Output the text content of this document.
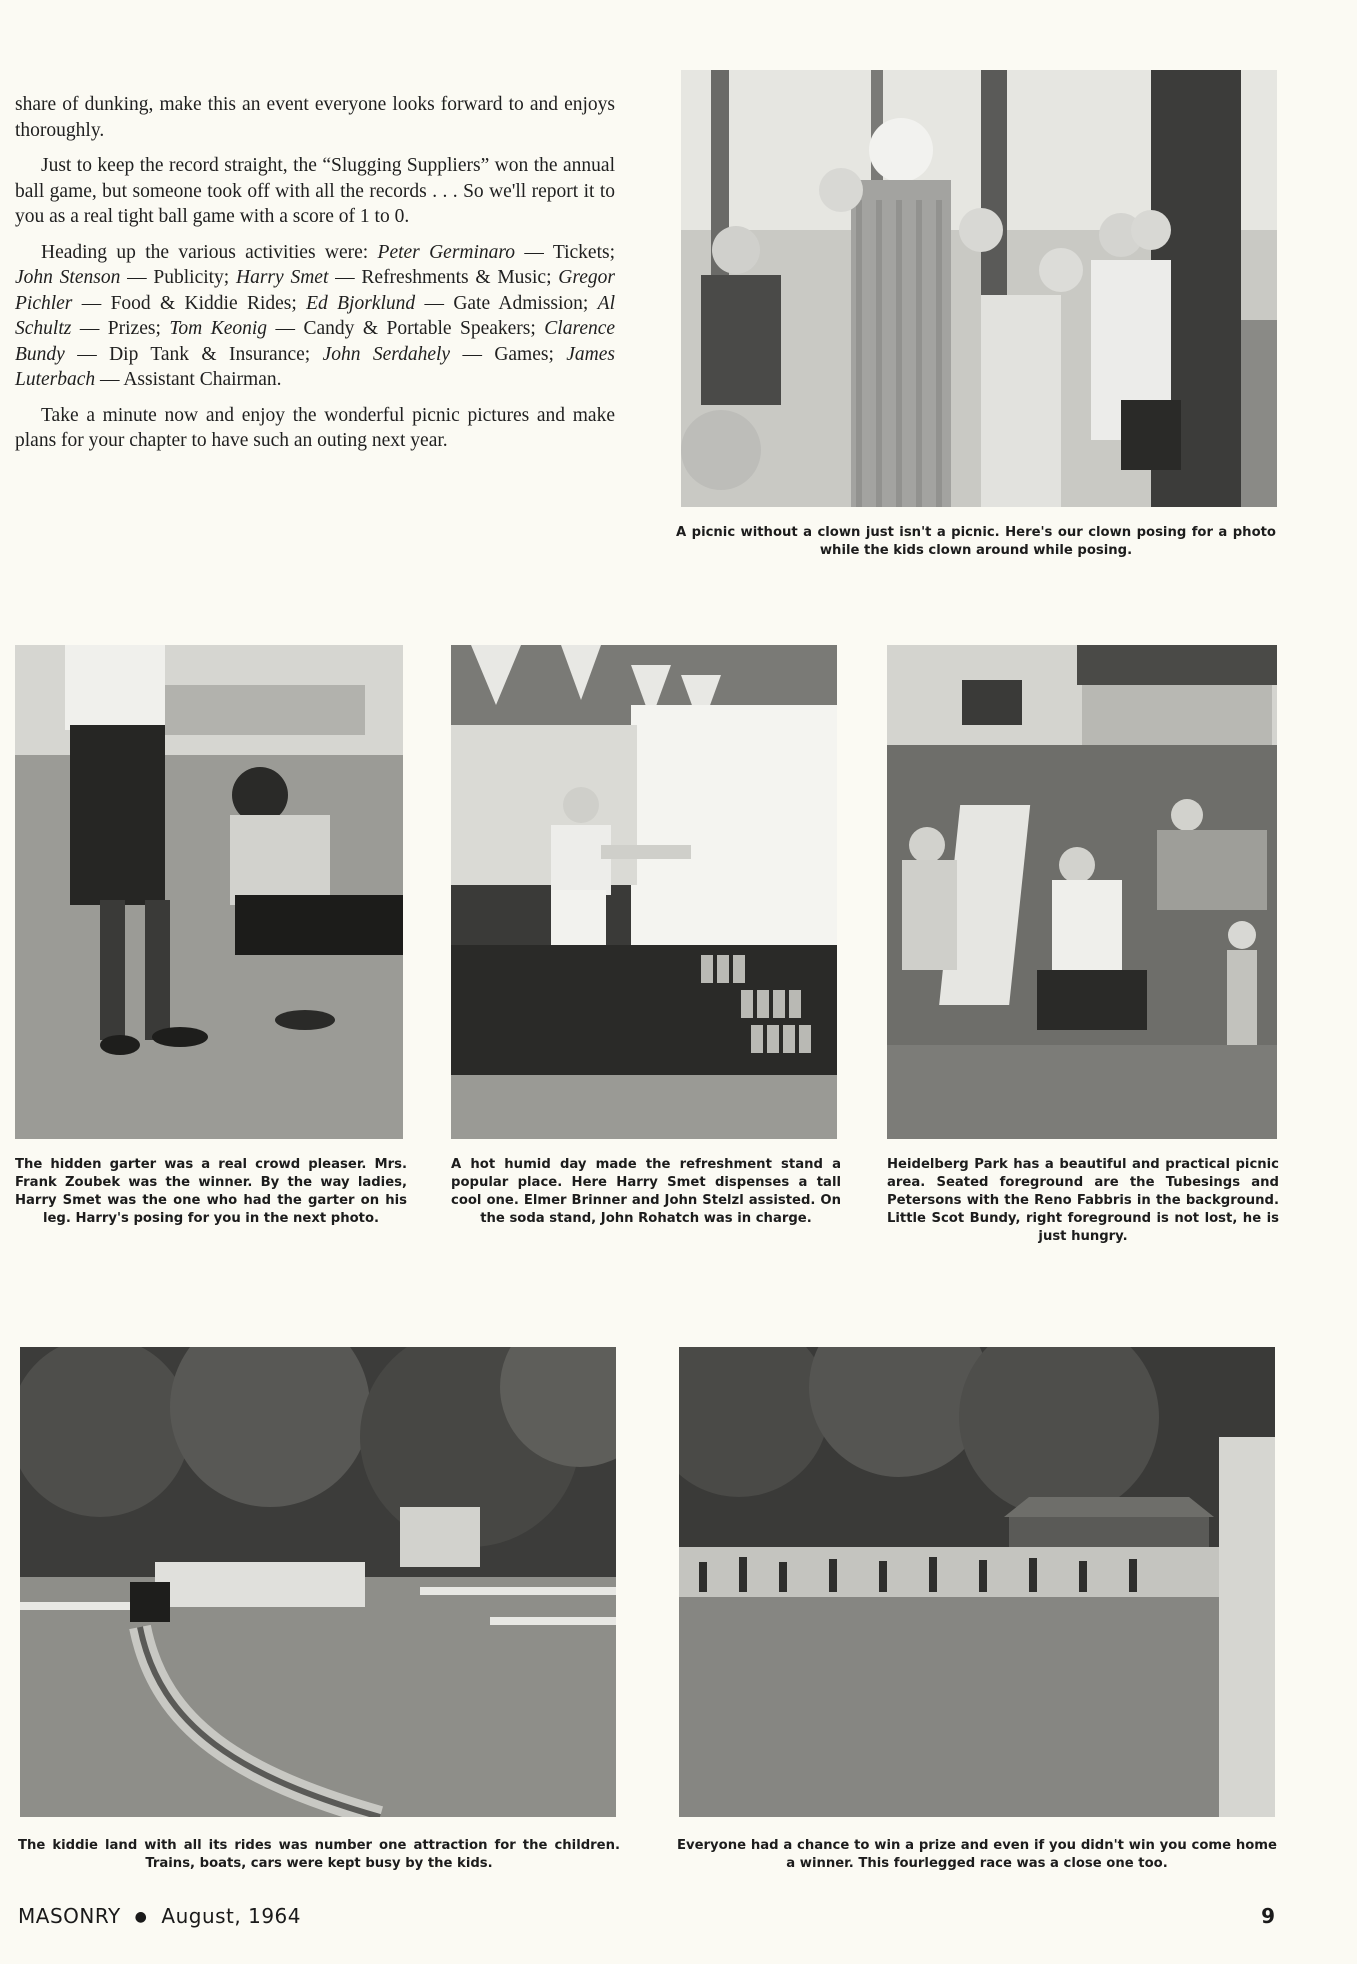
share of dunking, make this an event everyone looks forward to and enjoys thoroughly.

Just to keep the record straight, the “Slugging Suppliers” won the annual ball game, but someone took off with all the records . . . So we'll report it to you as a real tight ball game with a score of 1 to 0.

Heading up the various activities were: Peter Germinaro — Tickets; John Stenson — Publicity; Harry Smet — Refreshments & Music; Gregor Pichler — Food & Kiddie Rides; Ed Bjorklund — Gate Admission; Al Schultz — Prizes; Tom Keonig — Candy & Portable Speakers; Clarence Bundy — Dip Tank & Insurance; John Serdahely — Games; James Luterbach — Assistant Chairman.

Take a minute now and enjoy the wonderful picnic pictures and make plans for your chapter to have such an outing next year.

A picnic without a clown just isn't a picnic. Here's our clown posing for a photo while the kids clown around while posing.
The hidden garter was a real crowd pleaser. Mrs. Frank Zoubek was the winner. By the way ladies, Harry Smet was the one who had the garter on his leg. Harry's posing for you in the next photo.
A hot humid day made the refreshment stand a popular place. Here Harry Smet dispenses a tall cool one. Elmer Brinner and John Stelzl assisted. On the soda stand, John Rohatch was in charge.
Heidelberg Park has a beautiful and practical picnic area. Seated foreground are the Tubesings and Petersons with the Reno Fabbris in the background. Little Scot Bundy, right foreground is not lost, he is just hungry.
The kiddie land with all its rides was number one attraction for the children. Trains, boats, cars were kept busy by the kids.
Everyone had a chance to win a prize and even if you didn't win you come home a winner. This fourlegged race was a close one too.
MASONRY ● August, 1964	9
